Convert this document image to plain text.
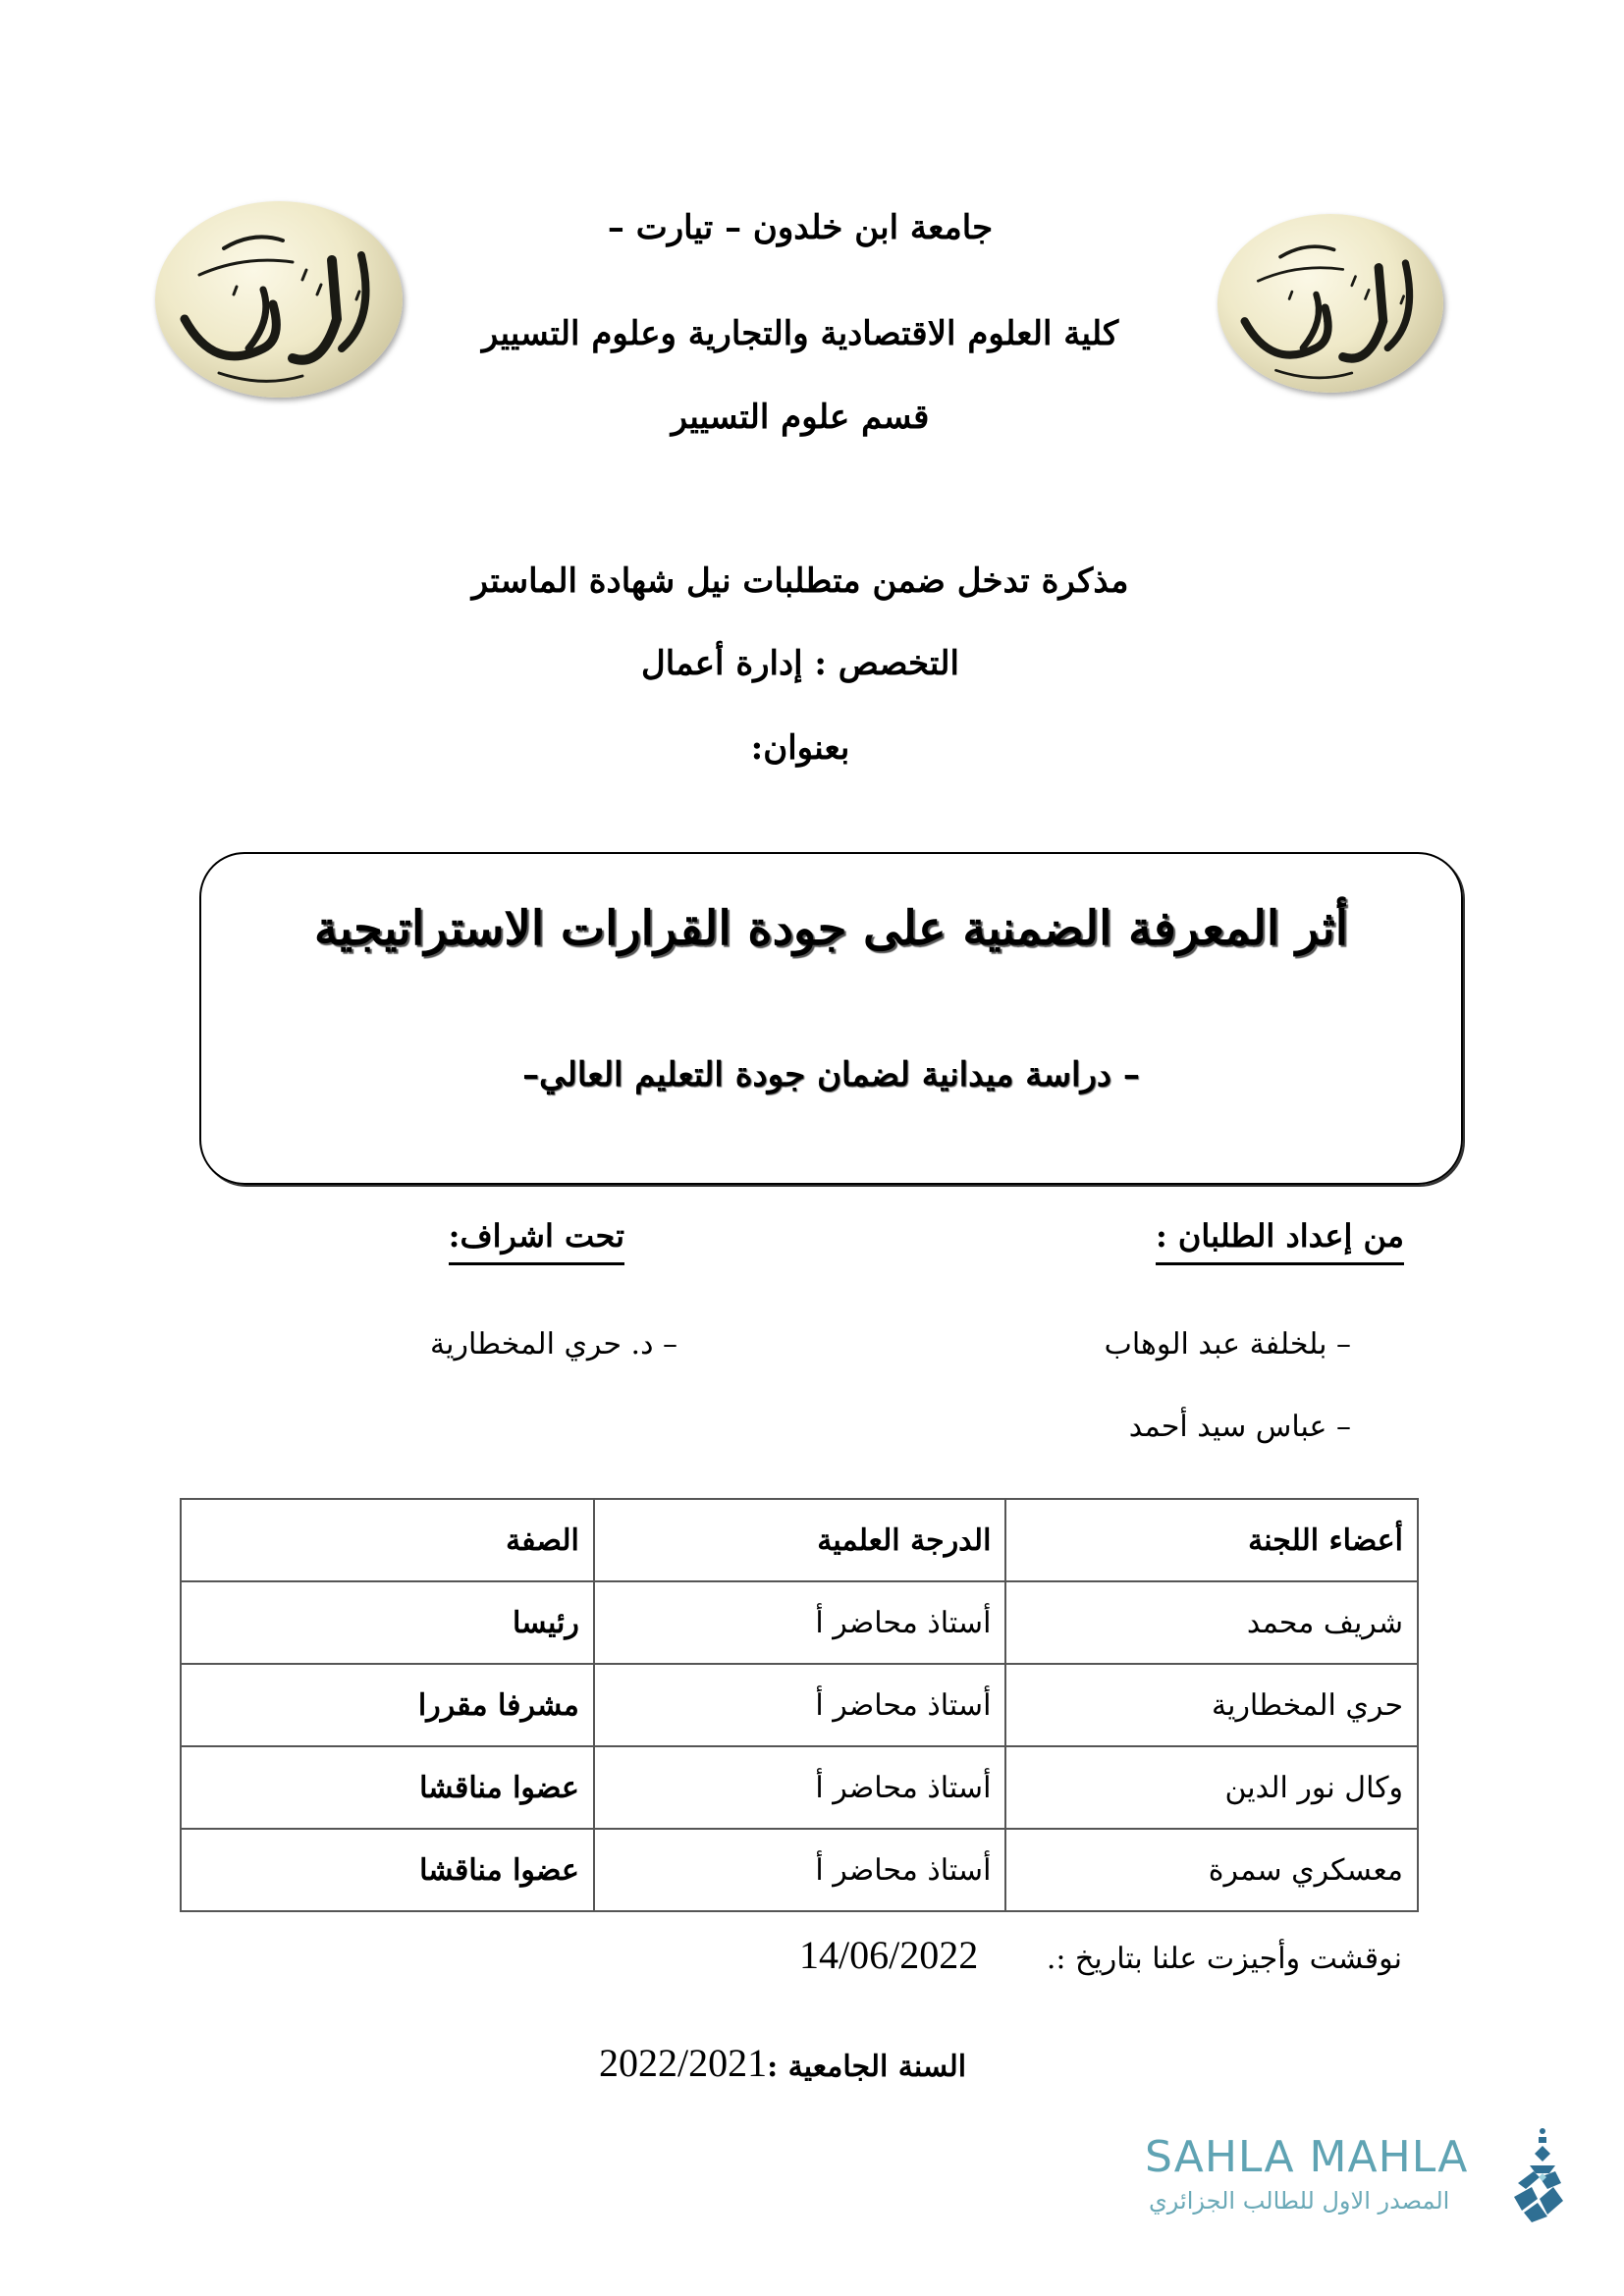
جامعة ابن خلدون – تيارت –
كلية العلوم الاقتصادية والتجارية وعلوم التسيير
قسم علوم التسيير
مذكرة تدخل ضمن متطلبات نيل شهادة الماستر
التخصص : إدارة أعمال
بعنوان:
أثر المعرفة الضمنية على جودة القرارات الاستراتيجية
– دراسة ميدانية لضمان جودة التعليم العالي–
من إعداد الطلبان :
– بلخلفة عبد الوهاب
– عباس سيد أحمد
تحت اشراف:
– د. حري المخطارية
أعضاء اللجنة	الدرجة العلمية	الصفة
شريف محمد	أستاذ محاضر أ	رئيسا
حري المخطارية	أستاذ محاضر أ	مشرفا مقررا
وكال نور الدين	أستاذ محاضر أ	عضوا مناقشا
معسكري سمرة	أستاذ محاضر أ	عضوا مناقشا
نوقشت وأجيزت علنا بتاريخ :. 14/06/2022
السنة الجامعية :2022/2021
SAHLA MAHLA
المصدر الاول للطالب الجزائري
